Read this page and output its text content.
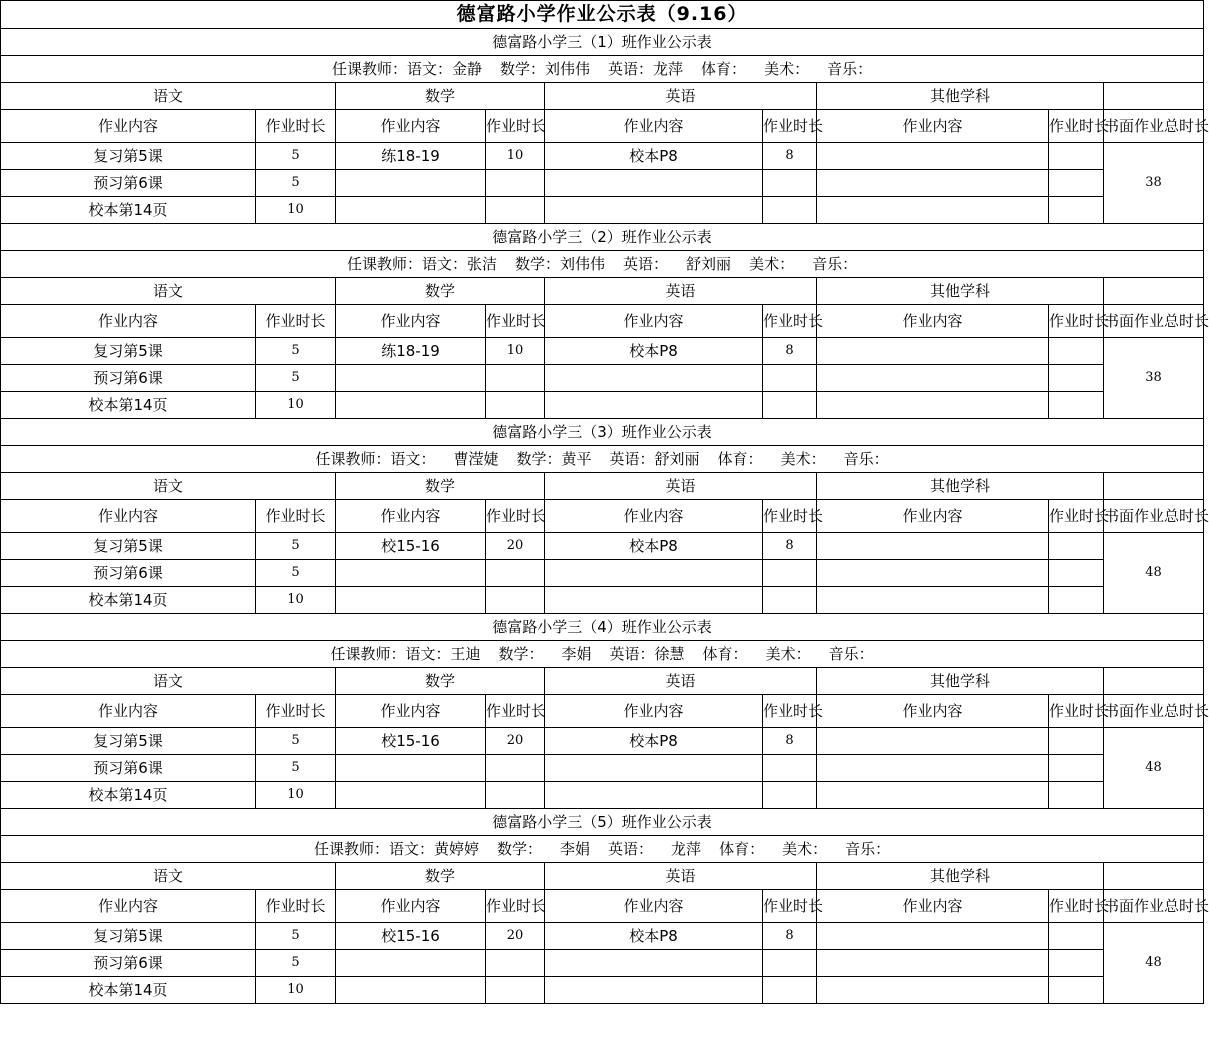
德富路小学作业公示表（9.16）								
德富路小学三（1）班作业公示表								
任课教师：语文：金静 数学：刘伟伟 英语：龙萍 体育： 美术： 音乐：								
语文		数学		英语		其他学科		
作业内容	作业时长	作业内容	作业时长	作业内容	作业时长	作业内容	作业时长	书面作业总时长
复习第5课	5	练18-19	10	校本P8	8			38
预习第6课	5							
校本第14页	10							
德富路小学三（2）班作业公示表								
任课教师：语文：张洁 数学：刘伟伟 英语： 舒刘丽 美术： 音乐：								
语文		数学		英语		其他学科		
作业内容	作业时长	作业内容	作业时长	作业内容	作业时长	作业内容	作业时长	书面作业总时长
复习第5课	5	练18-19	10	校本P8	8			38
预习第6课	5							
校本第14页	10							
德富路小学三（3）班作业公示表								
任课教师：语文： 曹滢婕 数学：黄平 英语：舒刘丽 体育： 美术： 音乐：								
语文		数学		英语		其他学科		
作业内容	作业时长	作业内容	作业时长	作业内容	作业时长	作业内容	作业时长	书面作业总时长
复习第5课	5	校15-16	20	校本P8	8			48
预习第6课	5							
校本第14页	10							
德富路小学三（4）班作业公示表								
任课教师：语文：王迪 数学： 李娟 英语：徐慧 体育： 美术： 音乐：								
语文		数学		英语		其他学科		
作业内容	作业时长	作业内容	作业时长	作业内容	作业时长	作业内容	作业时长	书面作业总时长
复习第5课	5	校15-16	20	校本P8	8			48
预习第6课	5							
校本第14页	10							
德富路小学三（5）班作业公示表								
任课教师：语文：黄婷婷 数学： 李娟 英语： 龙萍 体育： 美术： 音乐：								
语文		数学		英语		其他学科		
作业内容	作业时长	作业内容	作业时长	作业内容	作业时长	作业内容	作业时长	书面作业总时长
复习第5课	5	校15-16	20	校本P8	8			48
预习第6课	5							
校本第14页	10							
